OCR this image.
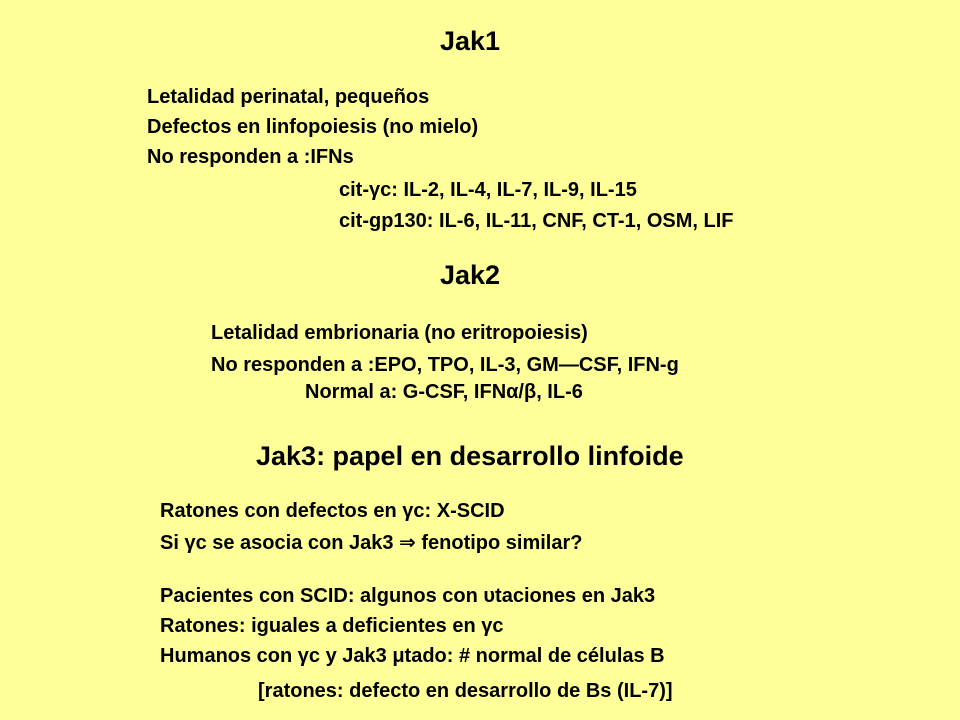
Jak1
Letalidad perinatal, pequeños
Defectos en linfopoiesis (no mielo)
No responden a :IFNs
cit-γc: IL-2, IL-4, IL-7, IL-9, IL-15
cit-gp130: IL-6, IL-11, CNF, CT-1, OSM, LIF
Jak2
Letalidad embrionaria (no eritropoiesis)
No responden a :EPO, TPO, IL-3, GM—CSF, IFN-g
Normal a: G-CSF, IFNα/β, IL-6
Jak3: papel en desarrollo linfoide
Ratones con defectos en γc: X-SCID
Si γc se asocia con Jak3 ⇒ fenotipo similar?
Pacientes con SCID: algunos con υtaciones en Jak3
Ratones: iguales a deficientes en γc
Humanos con γc y Jak3 μtado: # normal de células B
[ratones: defecto en desarrollo de Bs (IL-7)]
